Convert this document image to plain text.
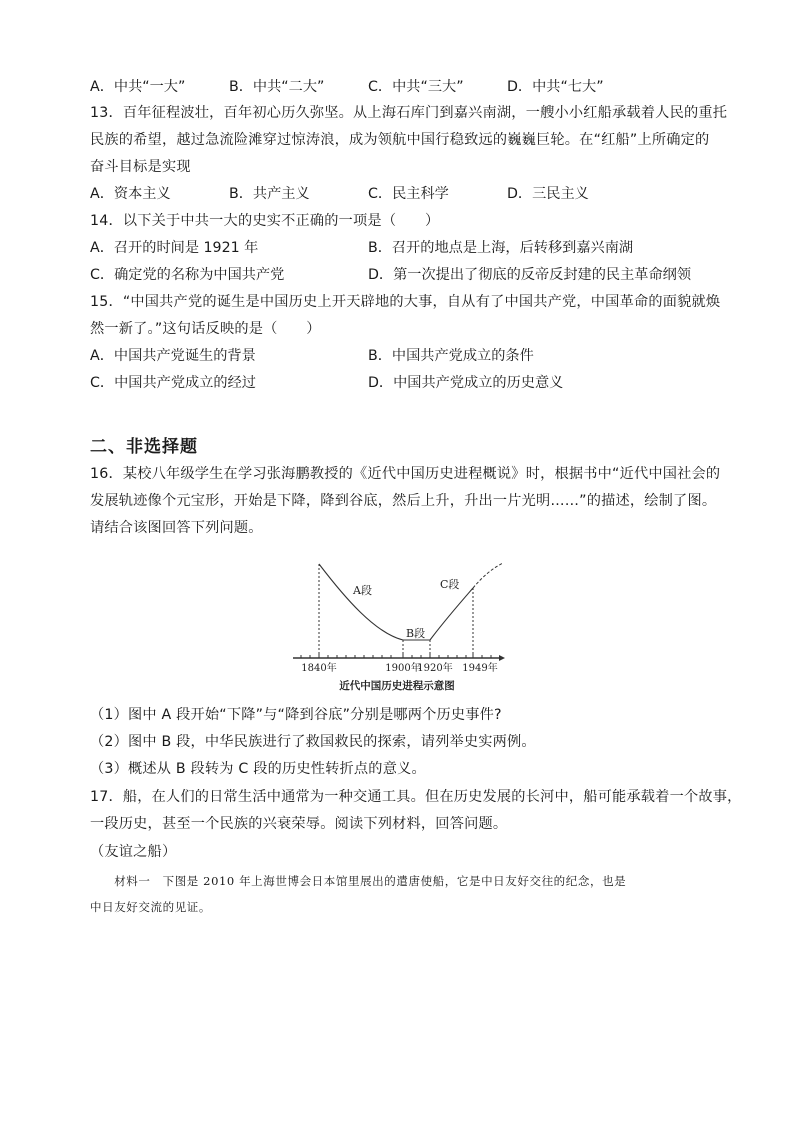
A．中共“一大”	B．中共“二大”	C．中共“三大”	D．中共“七大”
13．百年征程波壮，百年初心历久弥坚。从上海石库门到嘉兴南湖，一艘小小红船承载着人民的重托
民族的希望，越过急流险滩穿过惊涛浪，成为领航中国行稳致远的巍巍巨轮。在“红船”上所确定的
奋斗目标是实现
A．资本主义	B．共产主义	C．民主科学	D．三民主义
14．以下关于中共一大的史实不正确的一项是（　　）
A．召开的时间是 1921 年	B．召开的地点是上海，后转移到嘉兴南湖
C．确定党的名称为中国共产党	D．第一次提出了彻底的反帝反封建的民主革命纲领
15．“中国共产党的诞生是中国历史上开天辟地的大事，自从有了中国共产党，中国革命的面貌就焕
然一新了。”这句话反映的是（　　）
A．中国共产党诞生的背景	B．中国共产党成立的条件
C．中国共产党成立的经过	D．中国共产党成立的历史意义
二、非选择题
16．某校八年级学生在学习张海鹏教授的《近代中国历史进程概说》时，根据书中“近代中国社会的
发展轨迹像个元宝形，开始是下降，降到谷底，然后上升，升出一片光明……”的描述，绘制了图。
请结合该图回答下列问题。
A段
B段
C段
1840年	1900年
1920年 1949年
近代中国历史进程示意图
（1）图中 A 段开始“下降”与“降到谷底”分别是哪两个历史事件?
（2）图中 B 段，中华民族进行了救国救民的探索，请列举史实两例。
（3）概述从 B 段转为 C 段的历史性转折点的意义。
17．船，在人们的日常生活中通常为一种交通工具。但在历史发展的长河中，船可能承载着一个故事，
一段历史，甚至一个民族的兴衰荣辱。阅读下列材料，回答问题。
（友谊之船）
　　材料一　下图是 2010 年上海世博会日本馆里展出的遣唐使船，它是中日友好交往的纪念，也是
中日友好交流的见证。
